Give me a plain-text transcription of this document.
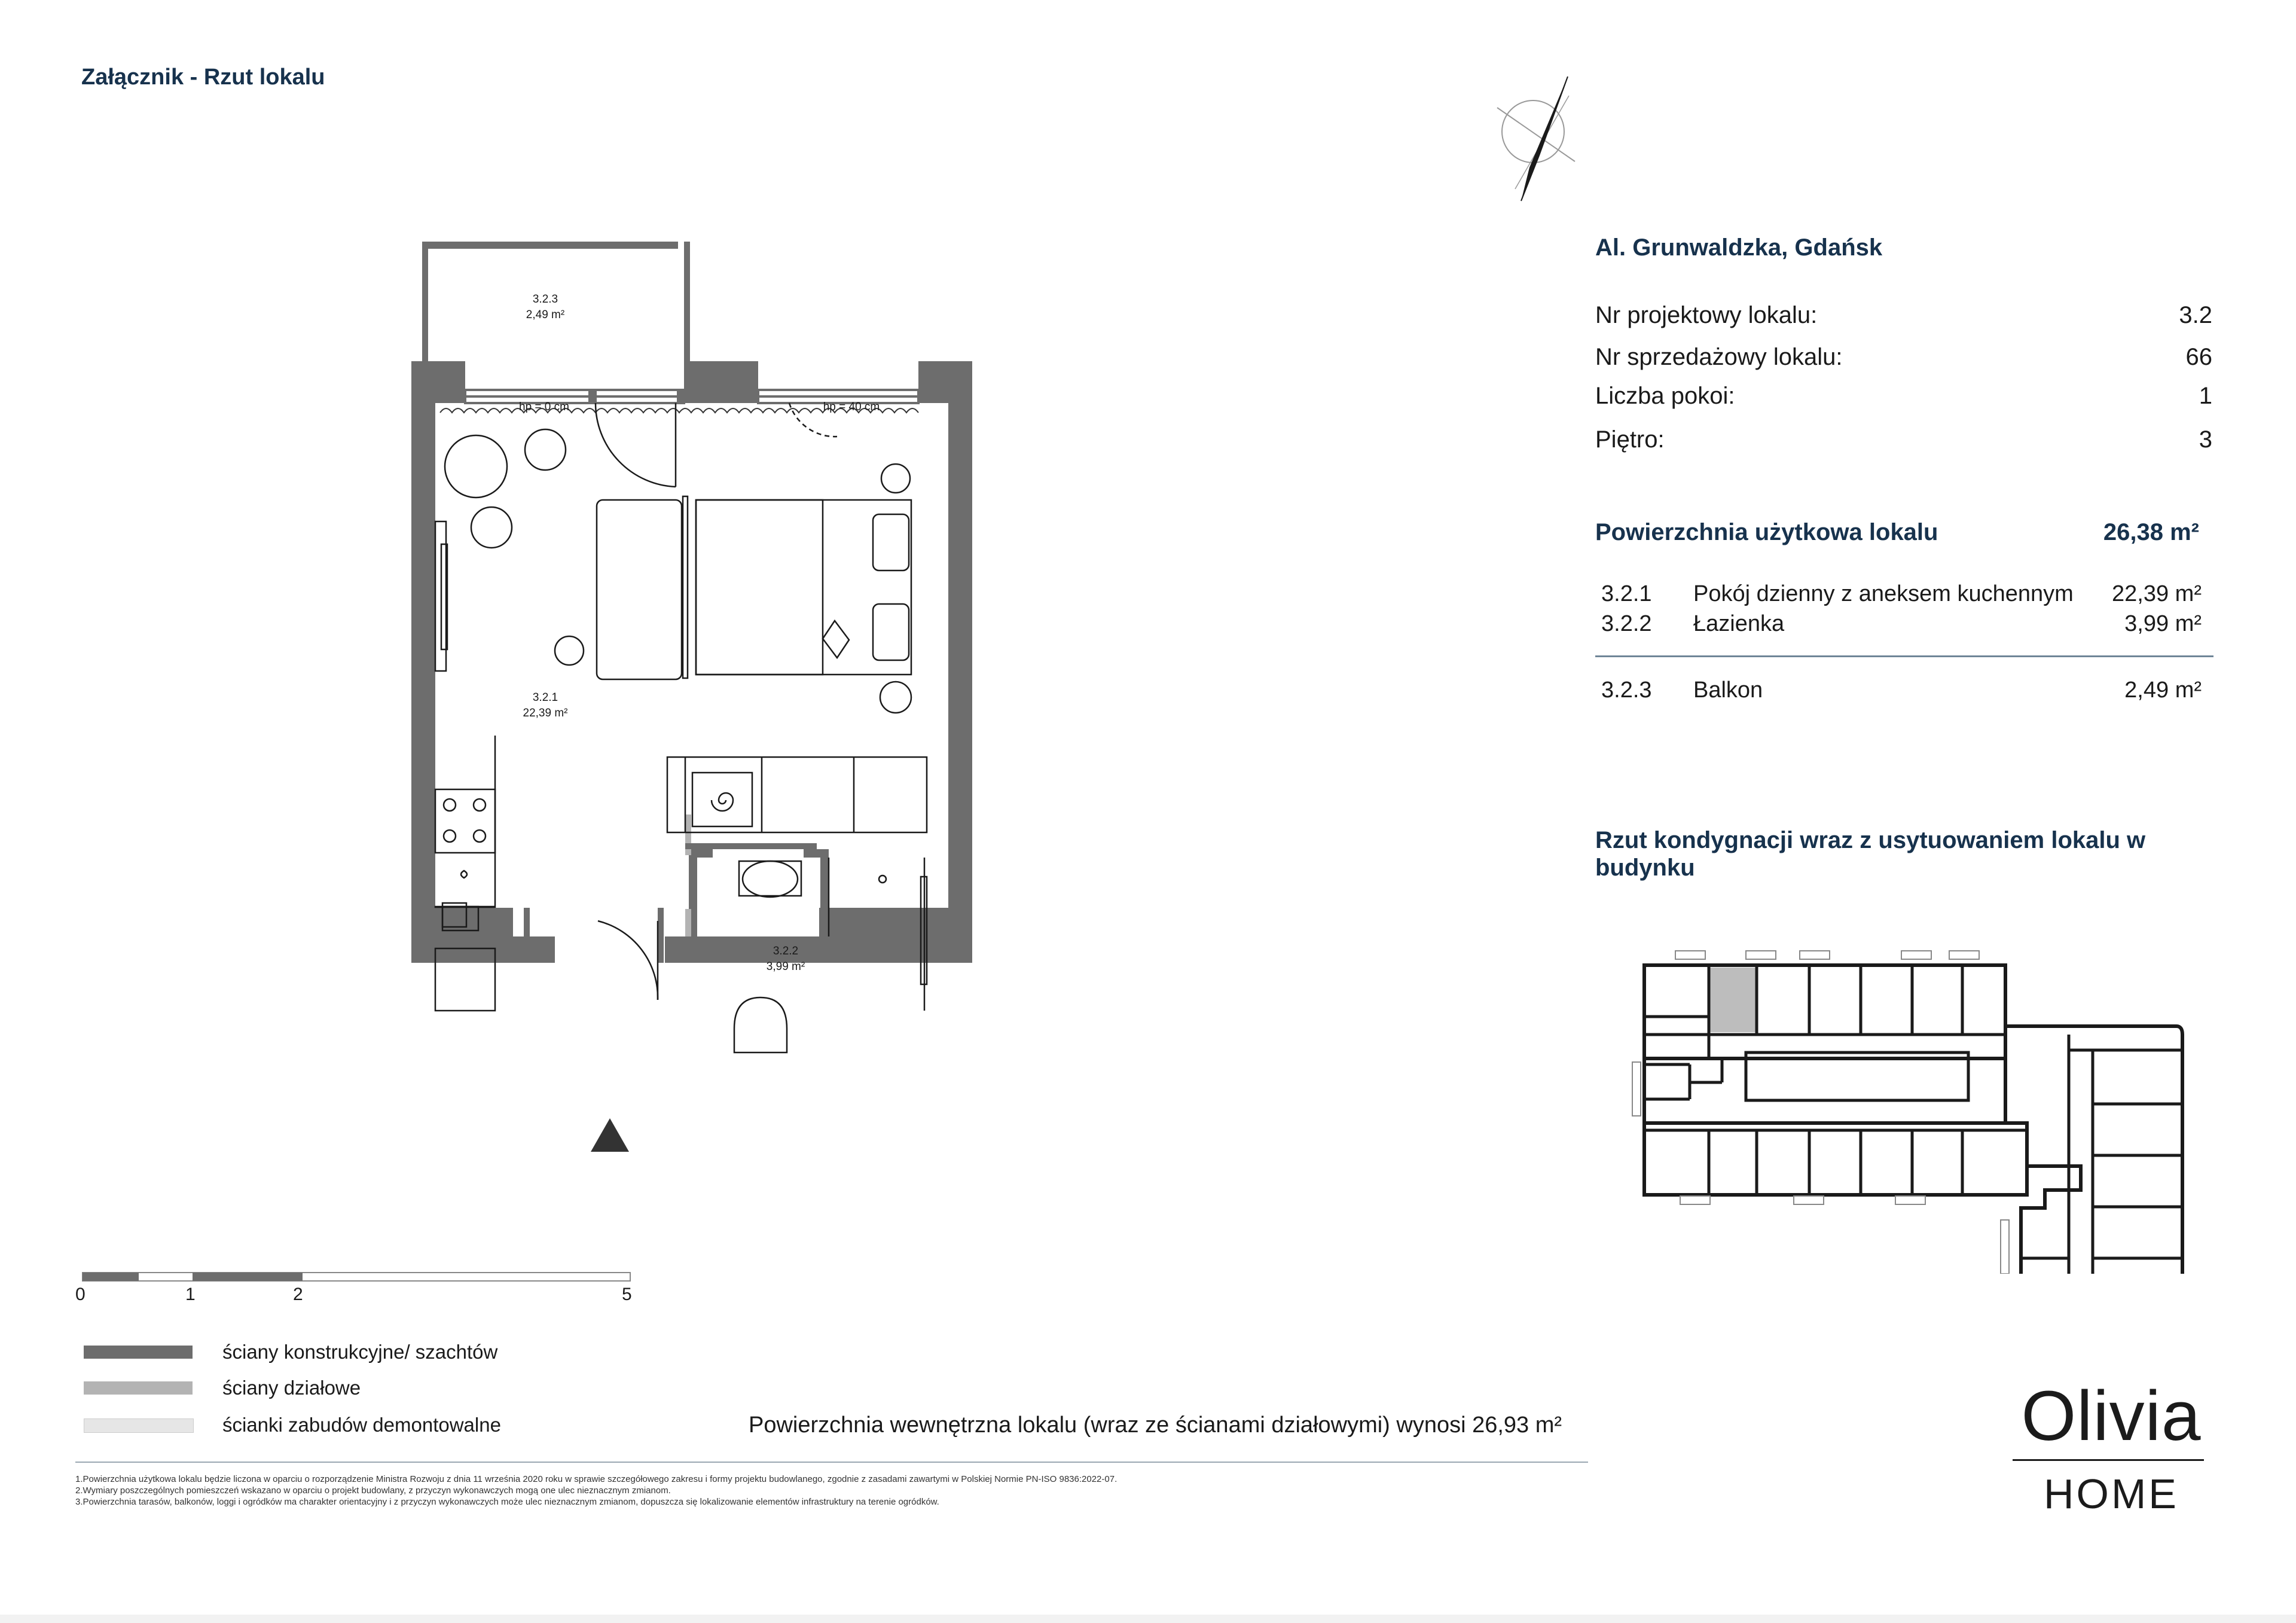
Załącznik - Rzut lokalu
Al. Grunwaldzka, Gdańsk
Nr projektowy lokalu:	3.2
Nr sprzedażowy lokalu:	66
Liczba pokoi:	1
Piętro:	3
Powierzchnia użytkowa lokalu	26,38 m²
3.2.1 Pokój dzienny z aneksem kuchennym 22,39 m²
3.2.2 Łazienka	3,99 m²
3.2.3 Balkon	2,49 m²
Rzut kondygnacji wraz z usytuowaniem lokalu w budynku
3.2.3
2,49 m²
hp = 0 cm	hp = 40 cm
3.2.1
22,39 m²
3.2.2
3,99 m²
0	1	2	5
ściany konstrukcyjne/ szachtów
ściany działowe
ścianki zabudów demontowalne	Powierzchnia wewnętrzna lokalu (wraz ze ścianami działowymi) wynosi 26,93 m²
1.Powierzchnia użytkowa lokalu będzie liczona w oparciu o rozporządzenie Ministra Rozwoju z dnia 11 września 2020 roku w sprawie szczegółowego zakresu i formy projektu budowlanego, zgodnie z zasadami zawartymi w Polskiej Normie PN-ISO 9836:2022-07.
2.Wymiary poszczególnych pomieszczeń wskazano w oparciu o projekt budowlany, z przyczyn wykonawczych mogą one ulec nieznacznym zmianom.
3.Powierzchnia tarasów, balkonów, loggi i ogródków ma charakter orientacyjny i z przyczyn wykonawczych może ulec nieznacznym zmianom, dopuszcza się lokalizowanie elementów infrastruktury na terenie ogródków.
Olivia
HOME
